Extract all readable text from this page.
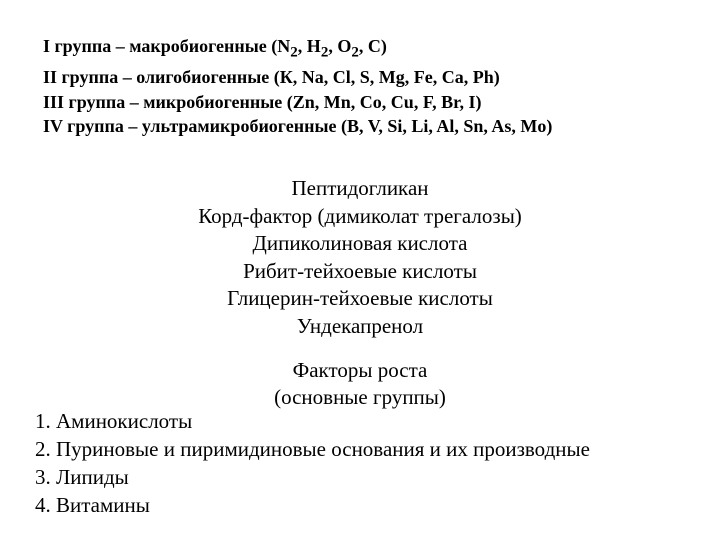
I группа – макробиогенные ($N_2$, $H_2$, $O_2$, C)
II группа – олигобиогенные (К, Na, Cl, S, Mg, Fe, Ca, Ph)
III группа – микробиогенные (Zn, Mn, Co, Cu, F, Br, I)
IV группа – ультрамикробиогенные (B, V, Si, Li, Al, Sn, As, Mo)
Пептидогликан
Корд-фактор (димиколат трегалозы)
Дипиколиновая кислота
Рибит-тейхоевые кислоты
Глицерин-тейхоевые кислоты
Ундекапренол
Факторы роста
(основные группы)
1. Аминокислоты
2. Пуриновые и пиримидиновые основания и их производные
3. Липиды
4. Витамины
